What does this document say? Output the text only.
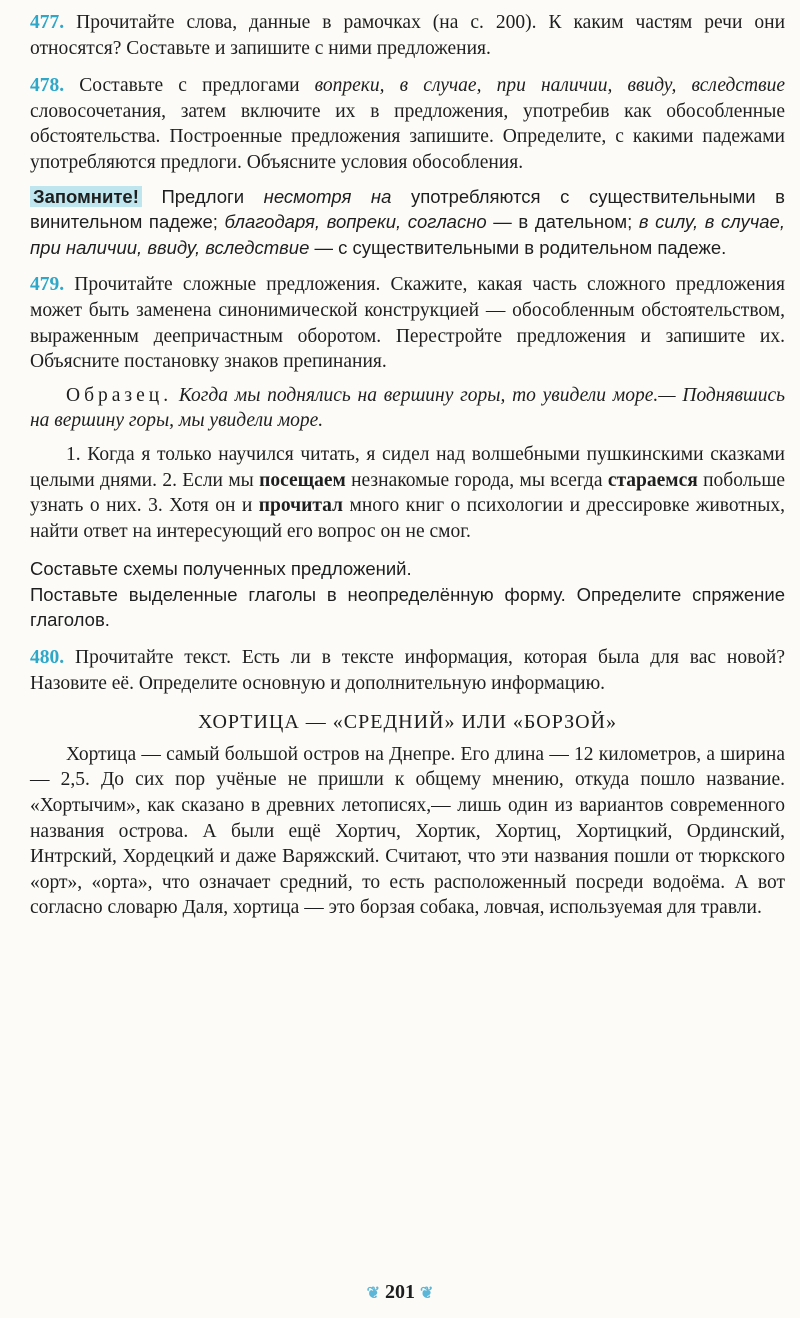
477. Прочитайте слова, данные в рамочках (на с. 200). К каким частям речи они относятся? Составьте и запишите с ними предложения.

478. Составьте с предлогами вопреки, в случае, при наличии, ввиду, вследствие словосочетания, затем включите их в предложения, употребив как обособленные обстоятельства. Построенные предложения запишите. Определите, с какими падежами употребляются предлоги. Объясните условия обособления.

Запомните! Предлоги несмотря на употребляются с существительными в винительном падеже; благодаря, вопреки, согласно — в дательном; в силу, в случае, при наличии, ввиду, вследствие — с существительными в родительном падеже.

479. Прочитайте сложные предложения. Скажите, какая часть сложного предложения может быть заменена синонимической конструкцией — обособленным обстоятельством, выраженным деепричастным оборотом. Перестройте предложения и запишите их. Объясните постановку знаков препинания.

Образец. Когда мы поднялись на вершину горы, то увидели море.— Поднявшись на вершину горы, мы увидели море.

1. Когда я только научился читать, я сидел над волшебными пушкинскими сказками целыми днями. 2. Если мы посещаем незнакомые города, мы всегда стараемся побольше узнать о них. 3. Хотя он и прочитал много книг о психологии и дрессировке животных, найти ответ на интересующий его вопрос он не смог.

Составьте схемы полученных предложений.

Поставьте выделенные глаголы в неопределённую форму. Определите спряжение глаголов.

480. Прочитайте текст. Есть ли в тексте информация, которая была для вас новой? Назовите её. Определите основную и дополнительную информацию.

ХОРТИЦА — «СРЕДНИЙ» ИЛИ «БОРЗОЙ»

Хортица — самый большой остров на Днепре. Его длина — 12 километров, а ширина — 2,5. До сих пор учёные не пришли к общему мнению, откуда пошло название. «Хортычим», как сказано в древних летописях,— лишь один из вариантов современного названия острова. А были ещё Хортич, Хортик, Хортиц, Хортицкий, Ординский, Интрский, Хордецкий и даже Варяжский. Считают, что эти названия пошли от тюркского «орт», «орта», что означает средний, то есть расположенный посреди водоёма. А вот согласно словарю Даля, хортица — это борзая собака, ловчая, используемая для травли.

❦ 201 ❦
